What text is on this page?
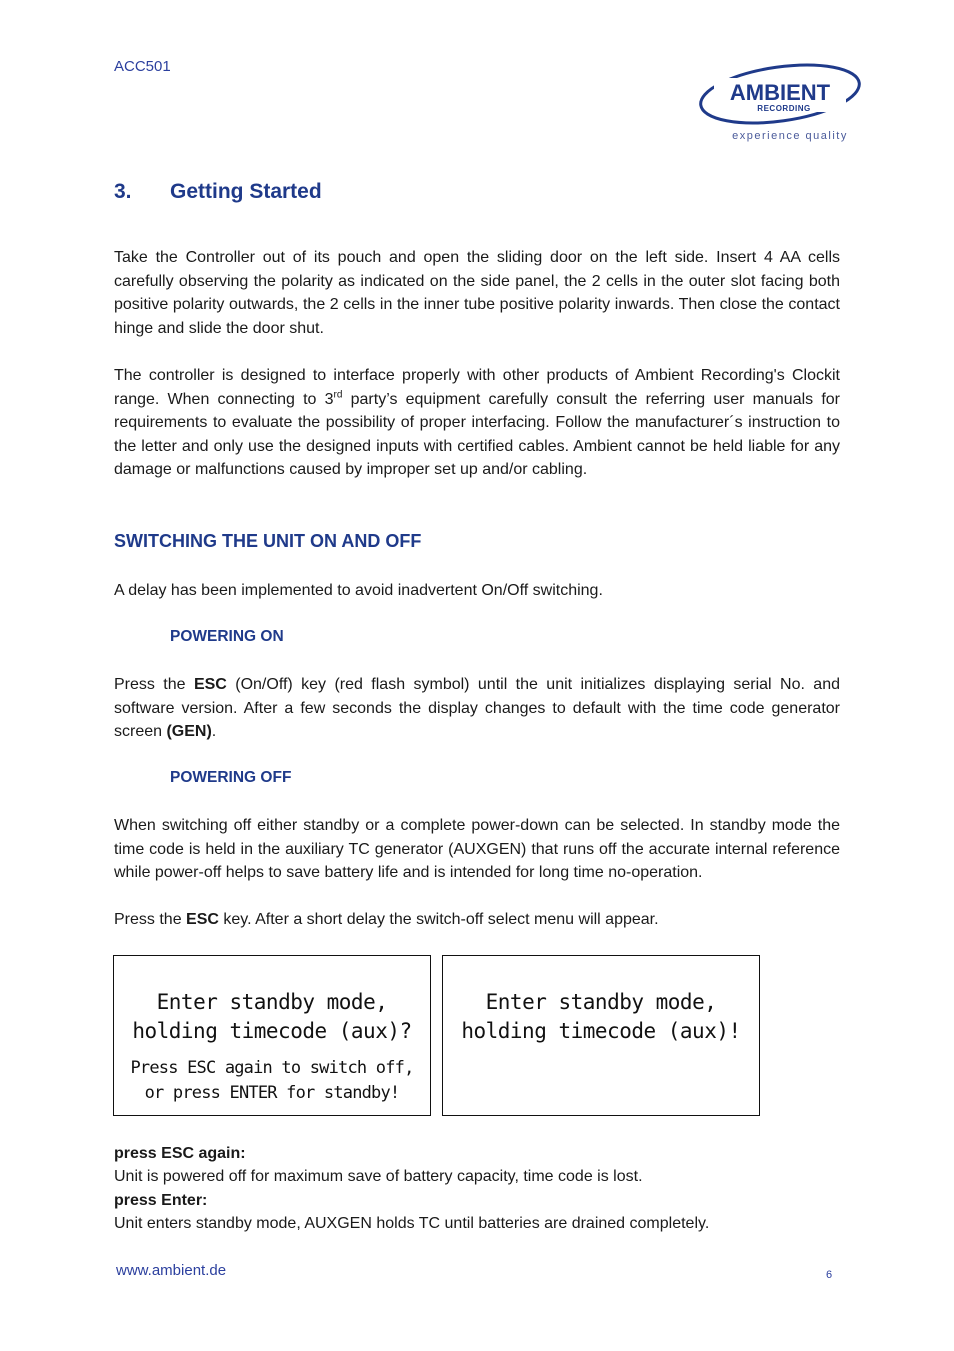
ACC501
AMBIENT
RECORDING
experience quality
3. Getting Started

Take the Controller out of its pouch and open the sliding door on the left side. Insert 4 AA cells carefully observing the polarity as indicated on the side panel, the 2 cells in the outer slot facing both positive polarity outwards, the 2 cells in the inner tube positive polarity inwards. Then close the contact hinge and slide the door shut.

The controller is designed to interface properly with other products of Ambient Recording's Clockit range. When connecting to 3rd party’s equipment carefully consult the referring user manuals for requirements to evaluate the possibility of proper interfacing. Follow the manufacturer´s instruction to the letter and only use the designed inputs with certified cables. Ambient cannot be held liable for any damage or malfunctions caused by improper set up and/or cabling.

SWITCHING THE UNIT ON AND OFF

A delay has been implemented to avoid inadvertent On/Off switching.

POWERING ON

Press the ESC (On/Off) key (red flash symbol) until the unit initializes displaying serial No. and software version. After a few seconds the display changes to default with the time code generator screen (GEN).

POWERING OFF

When switching off either standby or a complete power-down can be selected. In standby mode the time code is held in the auxiliary TC generator (AUXGEN) that runs off the accurate internal reference while power-off helps to save battery life and is intended for long time no-operation.

Press the ESC key. After a short delay the switch-off select menu will appear.

Enter standby mode,
holding timecode (aux)?
Press ESC again to switch off,
or press ENTER for standby!
Enter standby mode,
holding timecode (aux)!
press ESC again:
Unit is powered off for maximum save of battery capacity, time code is lost.
press Enter:
Unit enters standby mode, AUXGEN holds TC until batteries are drained completely.
www.ambient.de	6
